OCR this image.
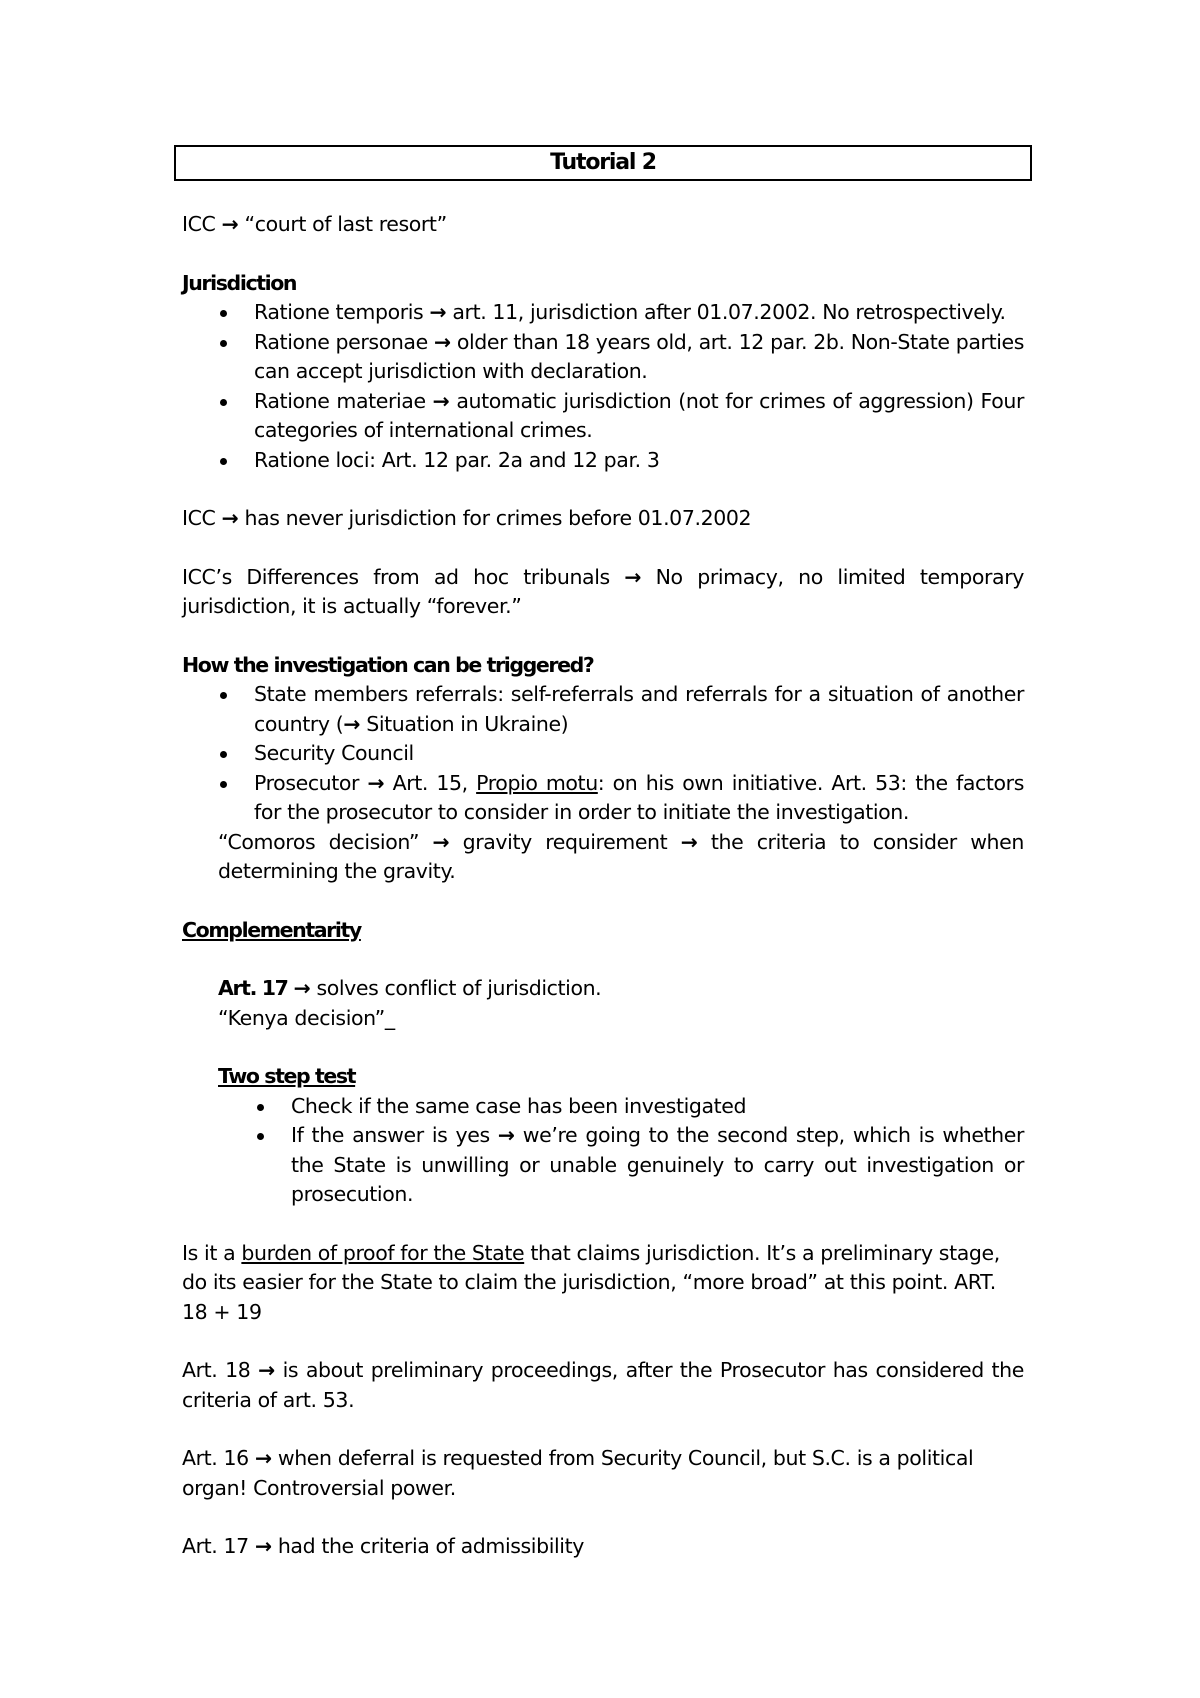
Tutorial 2

ICC → “court of last resort”

Jurisdiction

Ratione temporis → art. 11, jurisdiction after 01.07.2002. No retrospectively.
Ratione personae → older than 18 years old, art. 12 par. 2b. Non-State parties can accept jurisdiction with declaration.
Ratione materiae → automatic jurisdiction (not for crimes of aggression) Four categories of international crimes.
Ratione loci: Art. 12 par. 2a and 12 par. 3

ICC → has never jurisdiction for crimes before 01.07.2002

ICC’s Differences from ad hoc tribunals → No primacy, no limited temporary jurisdiction, it is actually “forever.”

How the investigation can be triggered?

State members referrals: self-referrals and referrals for a situation of another country (→ Situation in Ukraine)
Security Council
Prosecutor → Art. 15, Propio motu: on his own initiative. Art. 53: the factors for the prosecutor to consider in order to initiate the investigation.

“Comoros decision” → gravity requirement → the criteria to consider when determining the gravity.

Complementarity

Art. 17 → solves conflict of jurisdiction.

“Kenya decision”_

Two step test

Check if the same case has been investigated
If the answer is yes → we’re going to the second step, which is whether the State is unwilling or unable genuinely to carry out investigation or prosecution.

Is it a burden of proof for the State that claims jurisdiction. It’s a preliminary stage, do its easier for the State to claim the jurisdiction, “more broad” at this point. ART. 18 + 19

Art. 18 → is about preliminary proceedings, after the Prosecutor has considered the criteria of art. 53.

Art. 16 → when deferral is requested from Security Council, but S.C. is a political organ! Controversial power.

Art. 17 → had the criteria of admissibility
